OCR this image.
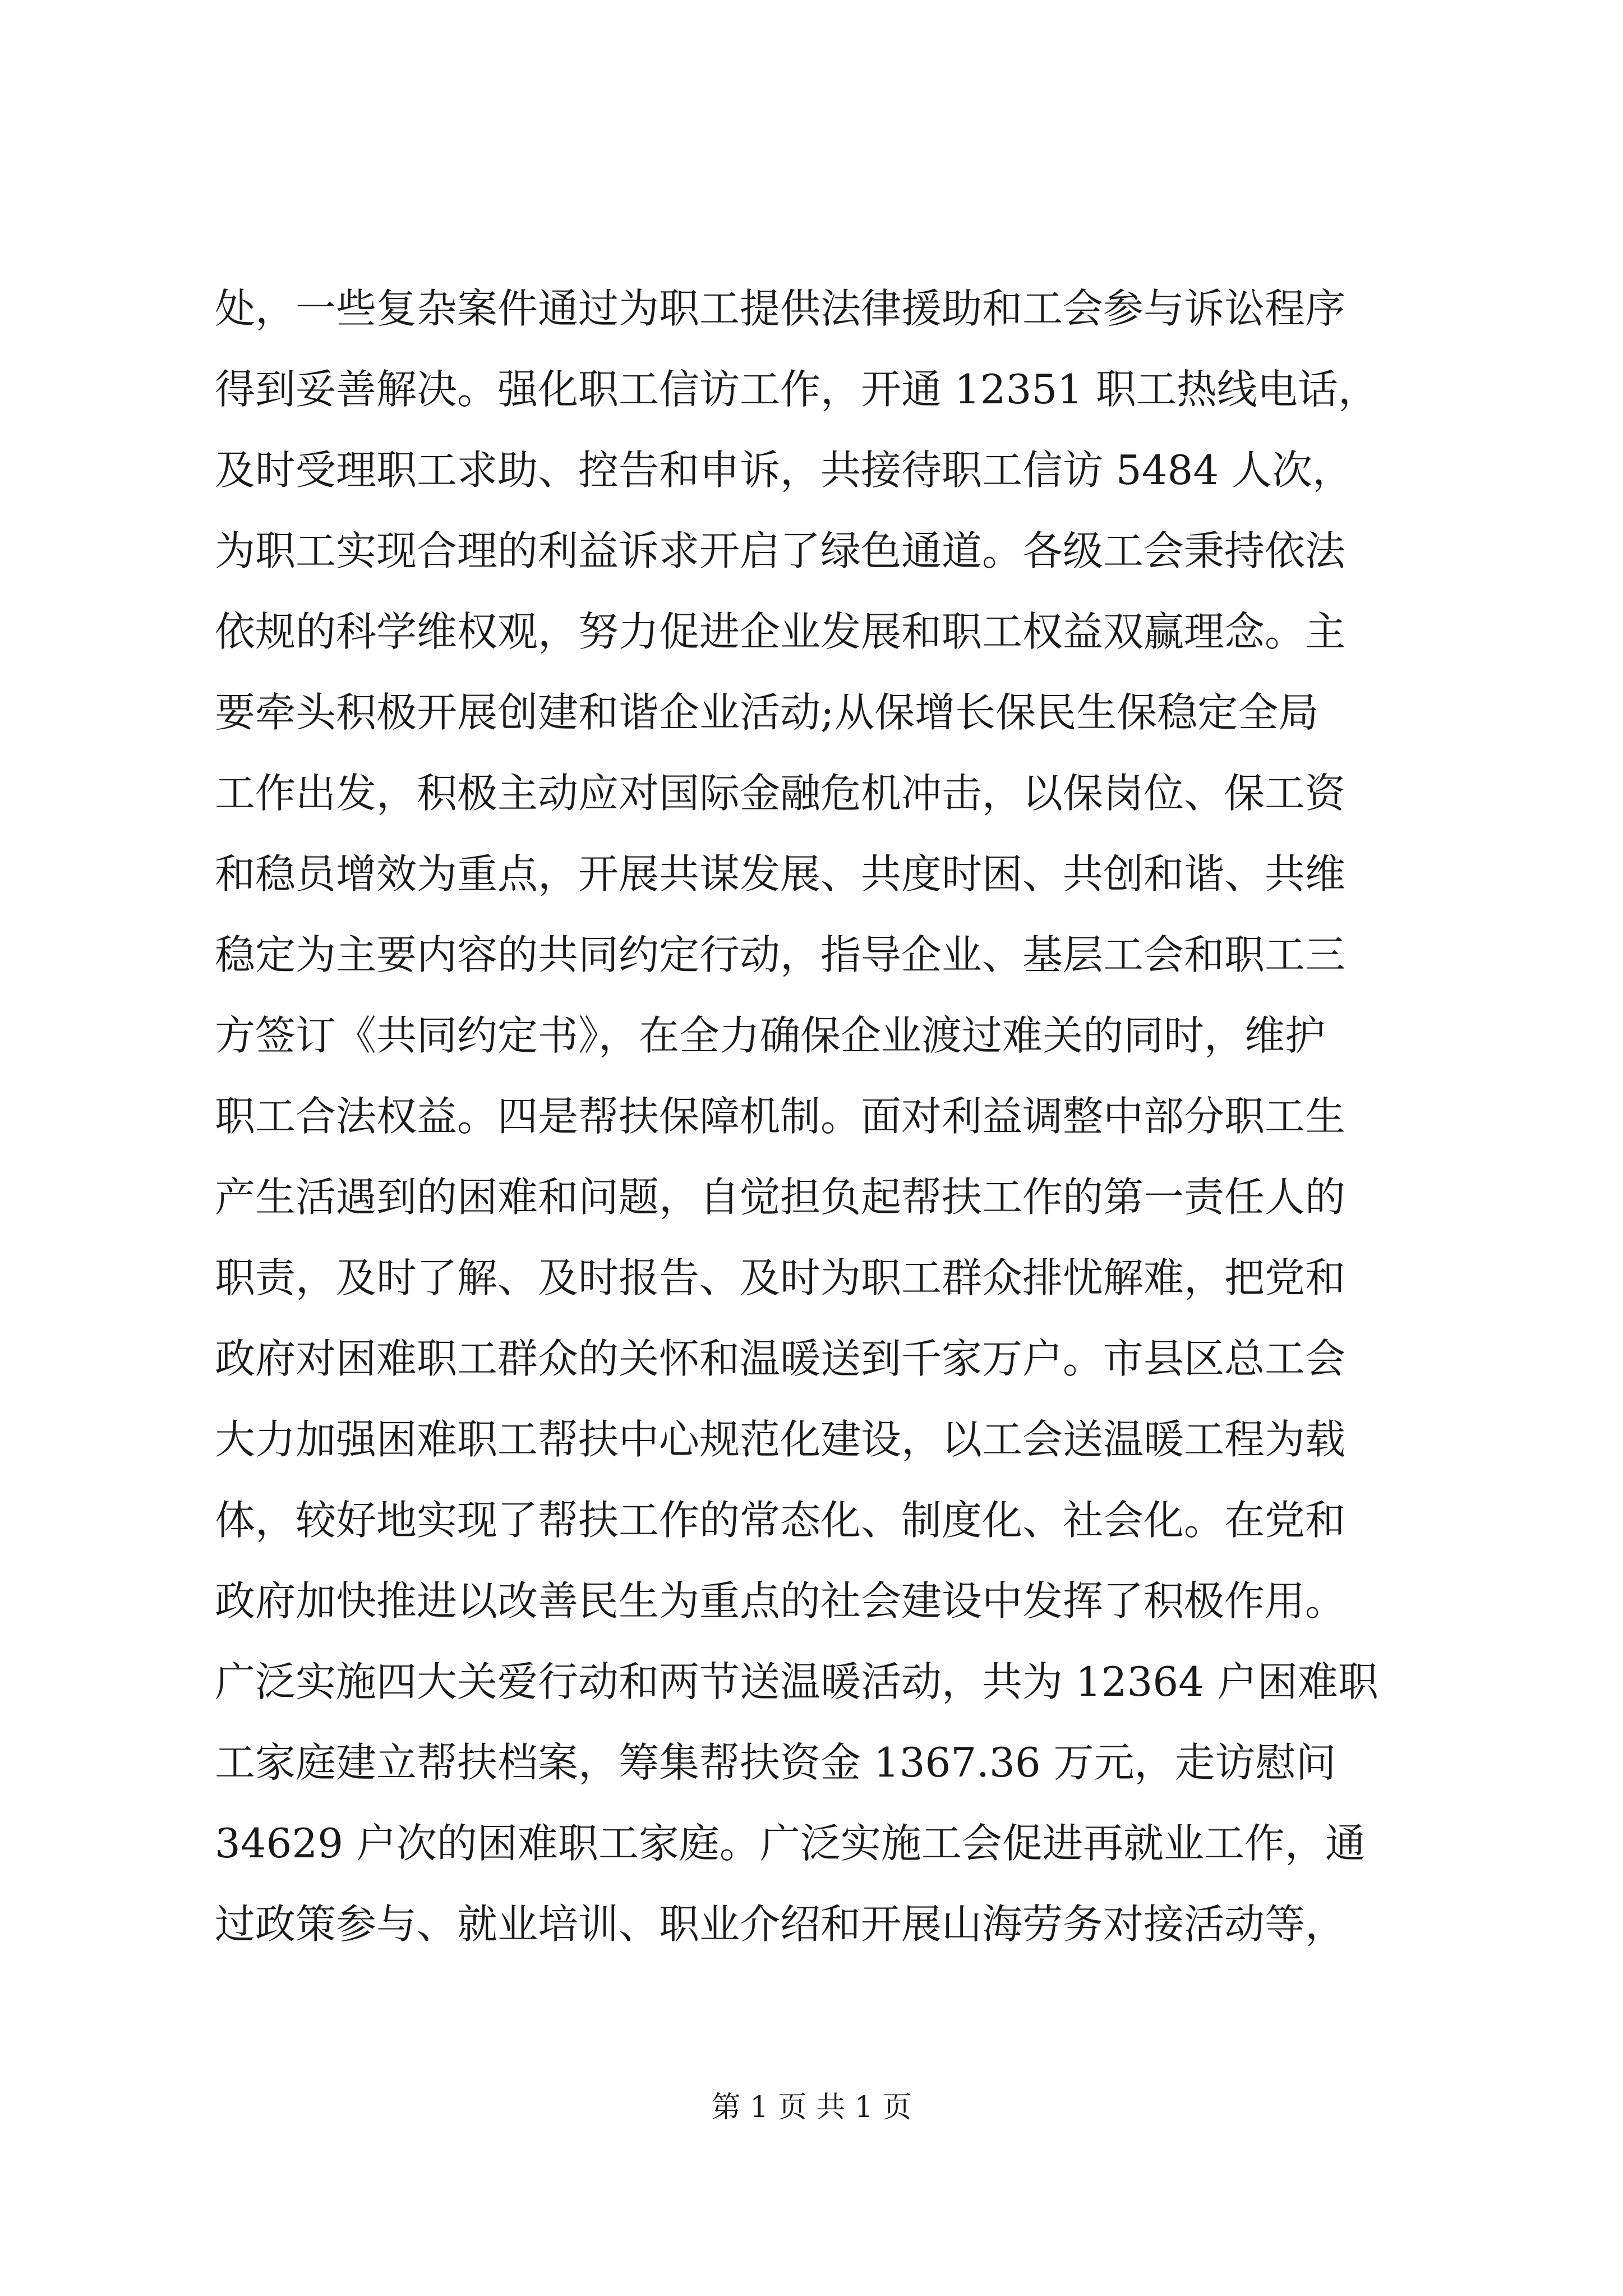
处，一些复杂案件通过为职工提供法律援助和工会参与诉讼程序
得到妥善解决。强化职工信访工作，开通 12351 职工热线电话，
及时受理职工求助、控告和申诉，共接待职工信访 5484 人次，
为职工实现合理的利益诉求开启了绿色通道。各级工会秉持依法
依规的科学维权观，努力促进企业发展和职工权益双赢理念。主
要牵头积极开展创建和谐企业活动;从保增长保民生保稳定全局
工作出发，积极主动应对国际金融危机冲击，以保岗位、保工资
和稳员增效为重点，开展共谋发展、共度时困、共创和谐、共维
稳定为主要内容的共同约定行动，指导企业、基层工会和职工三
方签订《共同约定书》，在全力确保企业渡过难关的同时，维护
职工合法权益。四是帮扶保障机制。面对利益调整中部分职工生
产生活遇到的困难和问题，自觉担负起帮扶工作的第一责任人的
职责，及时了解、及时报告、及时为职工群众排忧解难，把党和
政府对困难职工群众的关怀和温暖送到千家万户。市县区总工会
大力加强困难职工帮扶中心规范化建设，以工会送温暖工程为载
体，较好地实现了帮扶工作的常态化、制度化、社会化。在党和
政府加快推进以改善民生为重点的社会建设中发挥了积极作用。
广泛实施四大关爱行动和两节送温暖活动，共为 12364 户困难职
工家庭建立帮扶档案，筹集帮扶资金 1367.36 万元，走访慰问
34629 户次的困难职工家庭。广泛实施工会促进再就业工作，通
过政策参与、就业培训、职业介绍和开展山海劳务对接活动等，
第 1 页 共 1 页
